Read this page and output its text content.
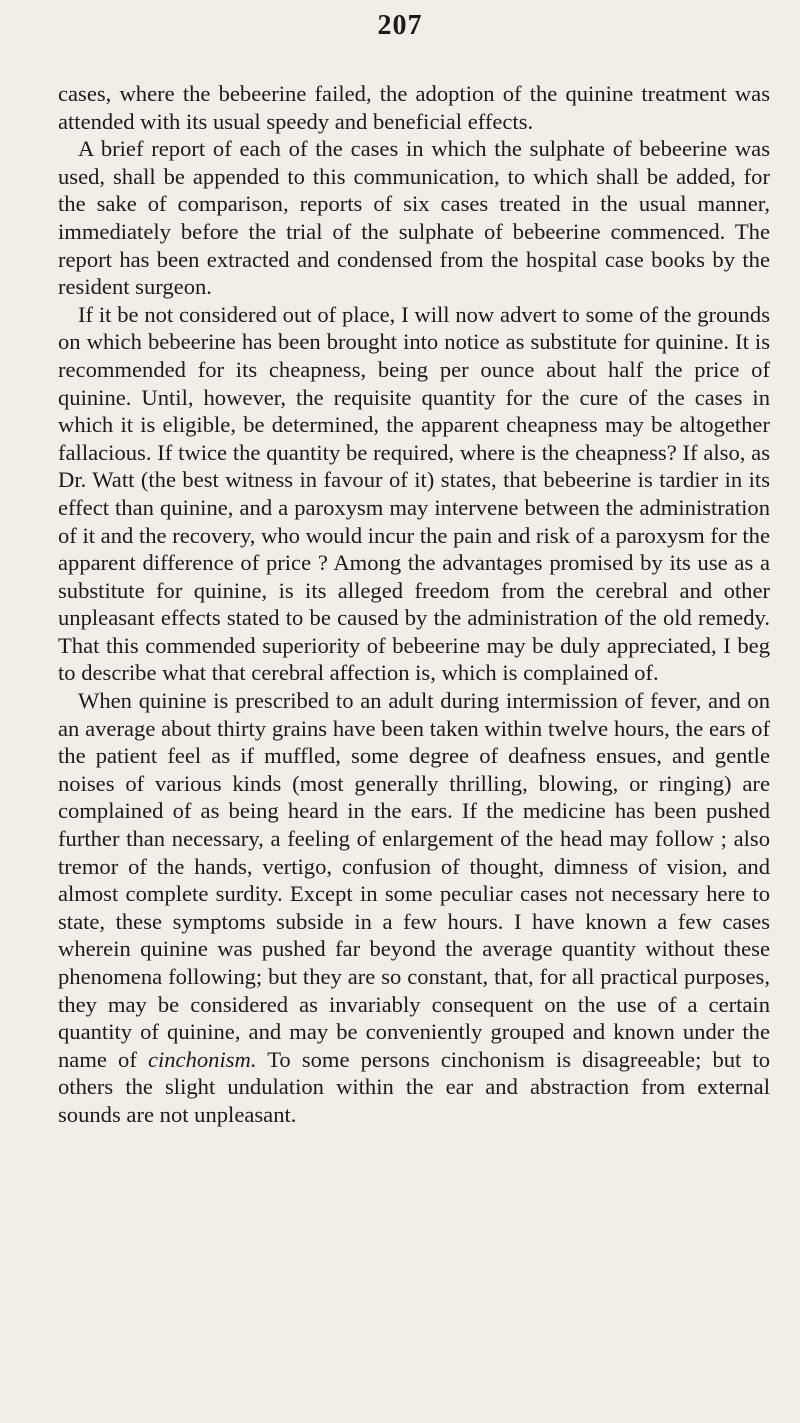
207

cases, where the bebeerine failed, the adoption of the quinine treatment was attended with its usual speedy and beneficial effects.

A brief report of each of the cases in which the sulphate of bebeerine was used, shall be appended to this communication, to which shall be added, for the sake of comparison, reports of six cases treated in the usual manner, immediately before the trial of the sulphate of bebeerine commenced. The report has been extracted and condensed from the hospital case books by the resident surgeon.

If it be not considered out of place, I will now advert to some of the grounds on which bebeerine has been brought into notice as substitute for quinine. It is recommended for its cheapness, being per ounce about half the price of quinine. Until, however, the requisite quantity for the cure of the cases in which it is eligible, be determined, the apparent cheapness may be altogether fallacious. If twice the quantity be required, where is the cheapness? If also, as Dr. Watt (the best witness in favour of it) states, that bebeerine is tardier in its effect than quinine, and a paroxysm may intervene between the administration of it and the recovery, who would incur the pain and risk of a paroxysm for the apparent difference of price ? Among the advantages promised by its use as a substitute for quinine, is its alleged freedom from the cerebral and other unpleasant effects stated to be caused by the administration of the old remedy. That this commended superiority of bebeerine may be duly appreciated, I beg to describe what that cerebral affection is, which is complained of.

When quinine is prescribed to an adult during intermission of fever, and on an average about thirty grains have been taken within twelve hours, the ears of the patient feel as if muffled, some degree of deafness ensues, and gentle noises of various kinds (most generally thrilling, blowing, or ringing) are complained of as being heard in the ears. If the medicine has been pushed further than necessary, a feeling of enlargement of the head may follow ; also tremor of the hands, vertigo, confusion of thought, dimness of vision, and almost complete surdity. Except in some peculiar cases not necessary here to state, these symptoms subside in a few hours. I have known a few cases wherein quinine was pushed far beyond the average quantity without these phenomena following; but they are so constant, that, for all practical purposes, they may be considered as invariably consequent on the use of a certain quantity of quinine, and may be conveniently grouped and known under the name of cinchonism. To some persons cinchonism is disagreeable; but to others the slight undulation within the ear and abstraction from external sounds are not unpleasant.
